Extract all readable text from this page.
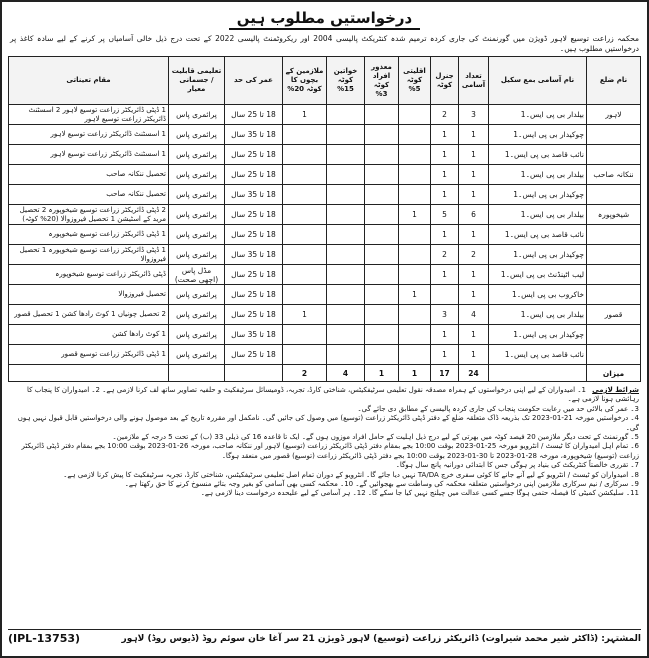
درخواستیں مطلوب ہیں
محکمہ زراعت توسیع لاہور ڈویژن میں گورنمنٹ کی جاری کردہ ترمیم شدہ کنٹریکٹ پالیسی 2004 اور ریکروٹمنٹ پالیسی 2022 کے تحت درج ذیل خالی آسامیاں پر کرنے کے لیے سادہ کاغذ پر درخواستیں مطلوب ہیں۔
نام ضلع	نام آسامی بمع سکیل	تعداد آسامی	جنرل کوٹہ	اقلیتی کوٹہ 5%	معذور افراد کوٹہ 3%	خواتین کوٹہ 15%	ملازمین کے بچوں کا کوٹہ 20%	عمر کی حد	تعلیمی قابلیت / جسمانی معیار	مقام تعیناتی
لاہور	بیلدار بی پی ایس۔1	3	2				1	18 تا 25 سال	پرائمری پاس	1 ڈپٹی ڈائریکٹر زراعت توسیع لاہور 2 اسسٹنٹ ڈائریکٹر زراعت توسیع لاہور
	چوکیدار بی پی ایس۔1	1	1					18 تا 35 سال	پرائمری پاس	1 اسسٹنٹ ڈائریکٹر زراعت توسیع لاہور
	نائب قاصد بی پی ایس۔1	1	1					18 تا 25 سال	پرائمری پاس	1 اسسٹنٹ ڈائریکٹر زراعت توسیع لاہور
ننکانہ صاحب	بیلدار بی پی ایس۔1	1	1					18 تا 25 سال	پرائمری پاس	تحصیل ننکانہ صاحب
	چوکیدار بی پی ایس۔1	1	1					18 تا 35 سال	پرائمری پاس	تحصیل ننکانہ صاحب
شیخوپورہ	بیلدار بی پی ایس۔1	6	5	1				18 تا 25 سال	پرائمری پاس	2 ڈپٹی ڈائریکٹر زراعت توسیع شیخوپورہ 2 تحصیل مرید کے اسٹیشن 1 تحصیل فیروزوالا (20% کوٹہ)
	نائب قاصد بی پی ایس۔1	1	1					18 تا 25 سال	پرائمری پاس	1 ڈپٹی ڈائریکٹر زراعت توسیع شیخوپورہ
	چوکیدار بی پی ایس۔1	2	2					18 تا 35 سال	پرائمری پاس	1 ڈپٹی ڈائریکٹر زراعت توسیع شیخوپورہ 1 تحصیل فیروزوالا
	لیب اٹینڈنٹ بی پی ایس۔1	1	1					18 تا 25 سال	مڈل پاس (اچھی صحت)	ڈپٹی ڈائریکٹر زراعت توسیع شیخوپورہ
	خاکروب بی پی ایس۔1	1		1				18 تا 25 سال	پرائمری پاس	تحصیل فیروزوالا
قصور	بیلدار بی پی ایس۔1	4	3				1	18 تا 25 سال	پرائمری پاس	2 تحصیل چونیاں 1 کوٹ رادھا کشن 1 تحصیل قصور
	چوکیدار بی پی ایس۔1	1	1					18 تا 35 سال	پرائمری پاس	1 کوٹ رادھا کشن
	نائب قاصد بی پی ایس۔1	1	1					18 تا 25 سال	پرائمری پاس	1 ڈپٹی ڈائریکٹر زراعت توسیع قصور
میزان		24	17	1	1	4	2			

شرائط لازمی 1۔ امیدواران کے لیے اپنی درخواستوں کے ہمراہ مصدقہ نقول تعلیمی سرٹیفکیٹس، شناختی کارڈ، تجربہ، ڈومیسائل سرٹیفکیٹ و حلفیہ تصاویر ساتھ لف کرنا لازمی ہے۔ 2۔ امیدواران کا پنجاب کا رہائشی ہونا لازمی ہے۔

3۔ عمر کی بالائی حد میں رعایت حکومت پنجاب کی جاری کردہ پالیسی کے مطابق دی جائے گی۔

4۔ درخواستیں مورخہ 21-01-2023 تک بذریعہ ڈاک متعلقہ ضلع کے دفتر ڈپٹی ڈائریکٹر زراعت (توسیع) میں وصول کی جائیں گی۔ نامکمل اور مقررہ تاریخ کے بعد موصول ہونے والی درخواستیں قابل قبول نہیں ہوں گی۔

5۔ گورنمنٹ کے تحت دیگر ملازمین 20 فیصد کوٹہ میں بھرتی کے لیے درج ذیل اہلیت کے حامل افراد موزوں ہوں گے۔ ایک تا قاعدہ 16 کی ذیلی 33 (ب) کے تحت 5 درجہ کے ملازمین۔

6۔ تمام اہل امیدواران کا ٹیسٹ / انٹرویو مورخہ 25-01-2023 بوقت 10:00 بجے بمقام دفتر ڈپٹی ڈائریکٹر زراعت (توسیع) لاہور اور ننکانہ صاحب، مورخہ 26-01-2023 بوقت 10:00 بجے بمقام دفتر ڈپٹی ڈائریکٹر زراعت (توسیع) شیخوپورہ، مورخہ 28-01-2023 تا 30-01-2023 بوقت 10:00 بجے دفتر ڈپٹی ڈائریکٹر زراعت (توسیع) قصور میں منعقد ہوگا۔

7۔ تقرری خالصتاً کنٹریکٹ کی بنیاد پر ہوگی جس کا ابتدائی دورانیہ پانچ سال ہوگا۔

8۔ امیدواران کو ٹیسٹ / انٹرویو کے لیے آنے جانے کا کوئی سفری خرچ TA/DA نہیں دیا جائے گا۔ انٹرویو کے دوران تمام اصل تعلیمی سرٹیفکیٹس، شناختی کارڈ، تجربہ سرٹیفکیٹ کا پیش کرنا لازمی ہے۔

9۔ سرکاری / نیم سرکاری ملازمین اپنی درخواستیں متعلقہ محکمہ کی وساطت سے بھجوائیں گے۔ 10۔ محکمہ کسی بھی آسامی کو بغیر وجہ بتائے منسوخ کرنے کا حق رکھتا ہے۔

11۔ سلیکشن کمیٹی کا فیصلہ حتمی ہوگا جسے کسی عدالت میں چیلنج نہیں کیا جا سکے گا۔ 12۔ ہر آسامی کے لیے علیحدہ درخواست دینا لازمی ہے۔

(IPL-13753)	المشتہر: (ڈاکٹر شیر محمد شیراوت) ڈائریکٹر زراعت (توسیع) لاہور ڈویژن 21 سر آغا خان سوئم روڈ (ڈیوس روڈ) لاہور
